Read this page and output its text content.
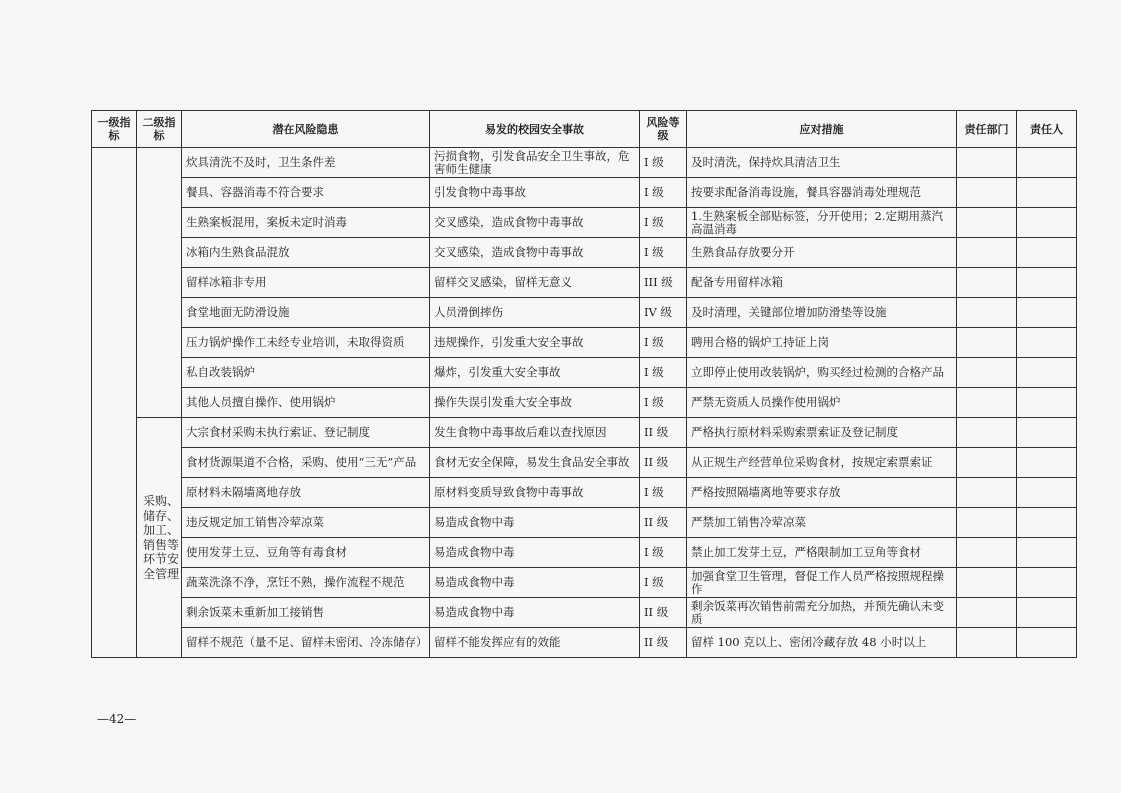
一级指标	二级指标	潜在风险隐患	易发的校园安全事故	风险等级	应对措施	责任部门	责任人
		炊具清洗不及时，卫生条件差	污损食物，引发食品安全卫生事故，危害师生健康	I 级	及时清洗，保持炊具清洁卫生		
		餐具、容器消毒不符合要求	引发食物中毒事故	I 级	按要求配备消毒设施，餐具容器消毒处理规范		
		生熟案板混用，案板未定时消毒	交叉感染，造成食物中毒事故	I 级	1.生熟案板全部贴标签，分开使用；2.定期用蒸汽高温消毒		
		冰箱内生熟食品混放	交叉感染，造成食物中毒事故	I 级	生熟食品存放要分开		
		留样冰箱非专用	留样交叉感染，留样无意义	III 级	配备专用留样冰箱		
		食堂地面无防滑设施	人员滑倒摔伤	IV 级	及时清理，关键部位增加防滑垫等设施		
		压力锅炉操作工未经专业培训，未取得资质	违规操作，引发重大安全事故	I 级	聘用合格的锅炉工持证上岗		
		私自改装锅炉	爆炸，引发重大安全事故	I 级	立即停止使用改装锅炉，购买经过检测的合格产品		
		其他人员擅自操作、使用锅炉	操作失误引发重大安全事故	I 级	严禁无资质人员操作使用锅炉		
	采购、储存、加工、销售等环节安全管理	大宗食材采购未执行索证、登记制度	发生食物中毒事故后难以查找原因	II 级	严格执行原材料采购索票索证及登记制度		
		食材货源渠道不合格，采购、使用“三无”产品	食材无安全保障，易发生食品安全事故	II 级	从正规生产经营单位采购食材，按规定索票索证		
		原材料未隔墙离地存放	原材料变质导致食物中毒事故	I 级	严格按照隔墙离地等要求存放		
		违反规定加工销售冷荤凉菜	易造成食物中毒	II 级	严禁加工销售冷荤凉菜		
		使用发芽土豆、豆角等有毒食材	易造成食物中毒	I 级	禁止加工发芽土豆，严格限制加工豆角等食材		
		蔬菜洗涤不净，烹饪不熟，操作流程不规范	易造成食物中毒	I 级	加强食堂卫生管理，督促工作人员严格按照规程操作		
		剩余饭菜未重新加工接销售	易造成食物中毒	II 级	剩余饭菜再次销售前需充分加热，并预先确认未变质		
		留样不规范（量不足、留样未密闭、冷冻储存）	留样不能发挥应有的效能	II 级	留样 100 克以上、密闭冷藏存放 48 小时以上		
—42—
